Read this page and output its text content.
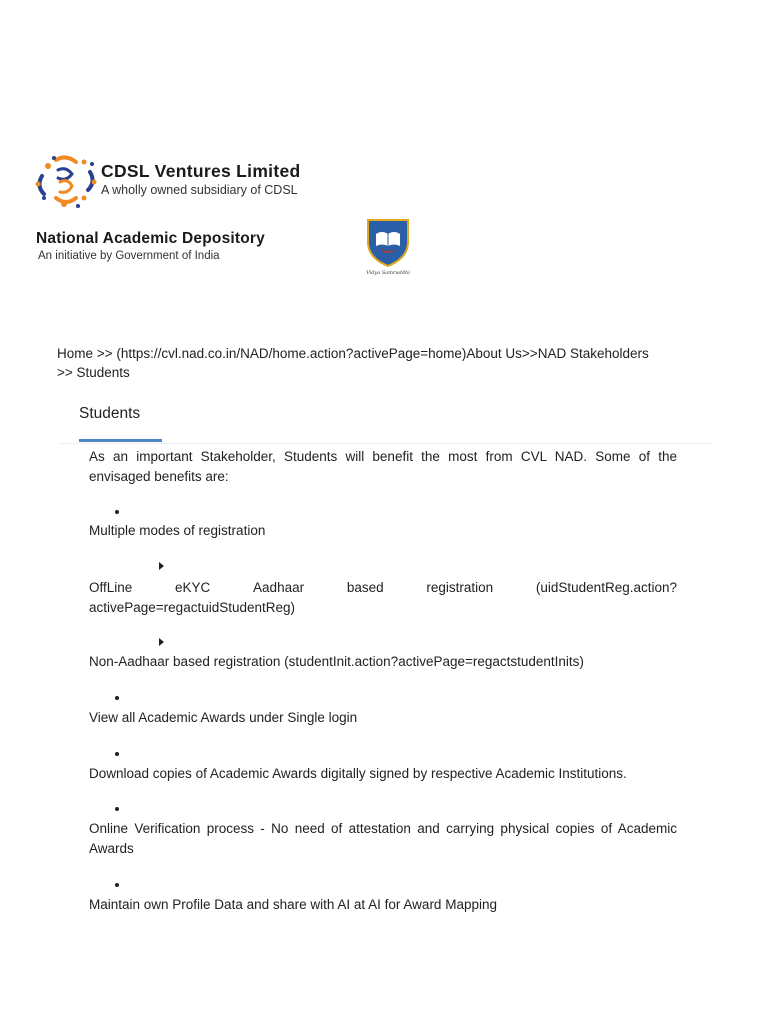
CDSL Ventures Limited
A wholly owned subsidiary of CDSL
National Academic Depository
An initiative by Government of India
Vidya Samruddhi
Home >> (https://cvl.nad.co.in/NAD/home.action?activePage=home)About Us>>NAD Stakeholders
>> Students
Students
As an important Stakeholder, Students will benefit the most from CVL NAD. Some of the envisaged benefits are:
Multiple modes of registration
OffLine	eKYC	Aadhaar	based	registration	(uidStudentReg.action?
activePage=regactuidStudentReg)
Non-Aadhaar based registration (studentInit.action?activePage=regactstudentInits)
View all Academic Awards under Single login
Download copies of Academic Awards digitally signed by respective Academic Institutions.
Online Verification process - No need of attestation and carrying physical copies of Academic Awards
Maintain own Profile Data and share with AI at AI for Award Mapping
